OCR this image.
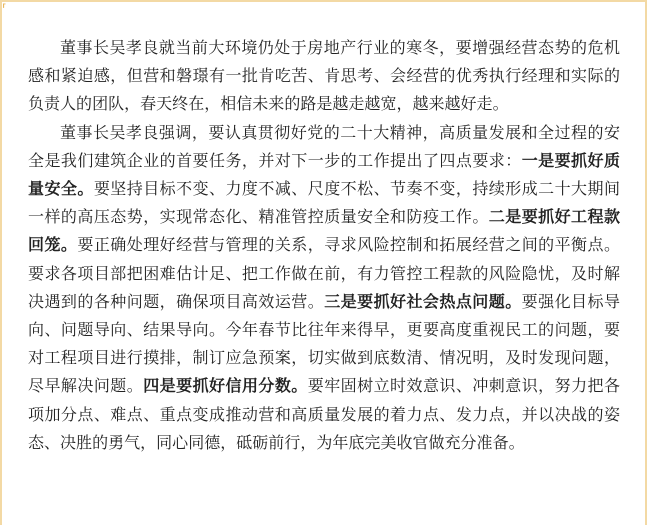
⸢

董事长吴孝良就当前大环境仍处于房地产行业的寒冬，要增强经营态势的危机感和紧迫感，但营和磐璟有一批肯吃苦、肯思考、会经营的优秀执行经理和实际的负责人的团队，春天终在，相信未来的路是越走越宽，越来越好走。

董事长吴孝良强调，要认真贯彻好党的二十大精神，高质量发展和全过程的安全是我们建筑企业的首要任务，并对下一步的工作提出了四点要求：一是要抓好质量安全。要坚持目标不变、力度不减、尺度不松、节奏不变，持续形成二十大期间一样的高压态势，实现常态化、精准管控质量安全和防疫工作。二是要抓好工程款回笼。要正确处理好经营与管理的关系，寻求风险控制和拓展经营之间的平衡点。要求各项目部把困难估计足、把工作做在前，有力管控工程款的风险隐忧，及时解决遇到的各种问题，确保项目高效运营。三是要抓好社会热点问题。要强化目标导向、问题导向、结果导向。今年春节比往年来得早，更要高度重视民工的问题，要对工程项目进行摸排，制订应急预案，切实做到底数清、情况明，及时发现问题，尽早解决问题。四是要抓好信用分数。要牢固树立时效意识、冲刺意识，努力把各项加分点、难点、重点变成推动营和高质量发展的着力点、发力点，并以决战的姿态、决胜的勇气，同心同德，砥砺前行，为年底完美收官做充分准备。
